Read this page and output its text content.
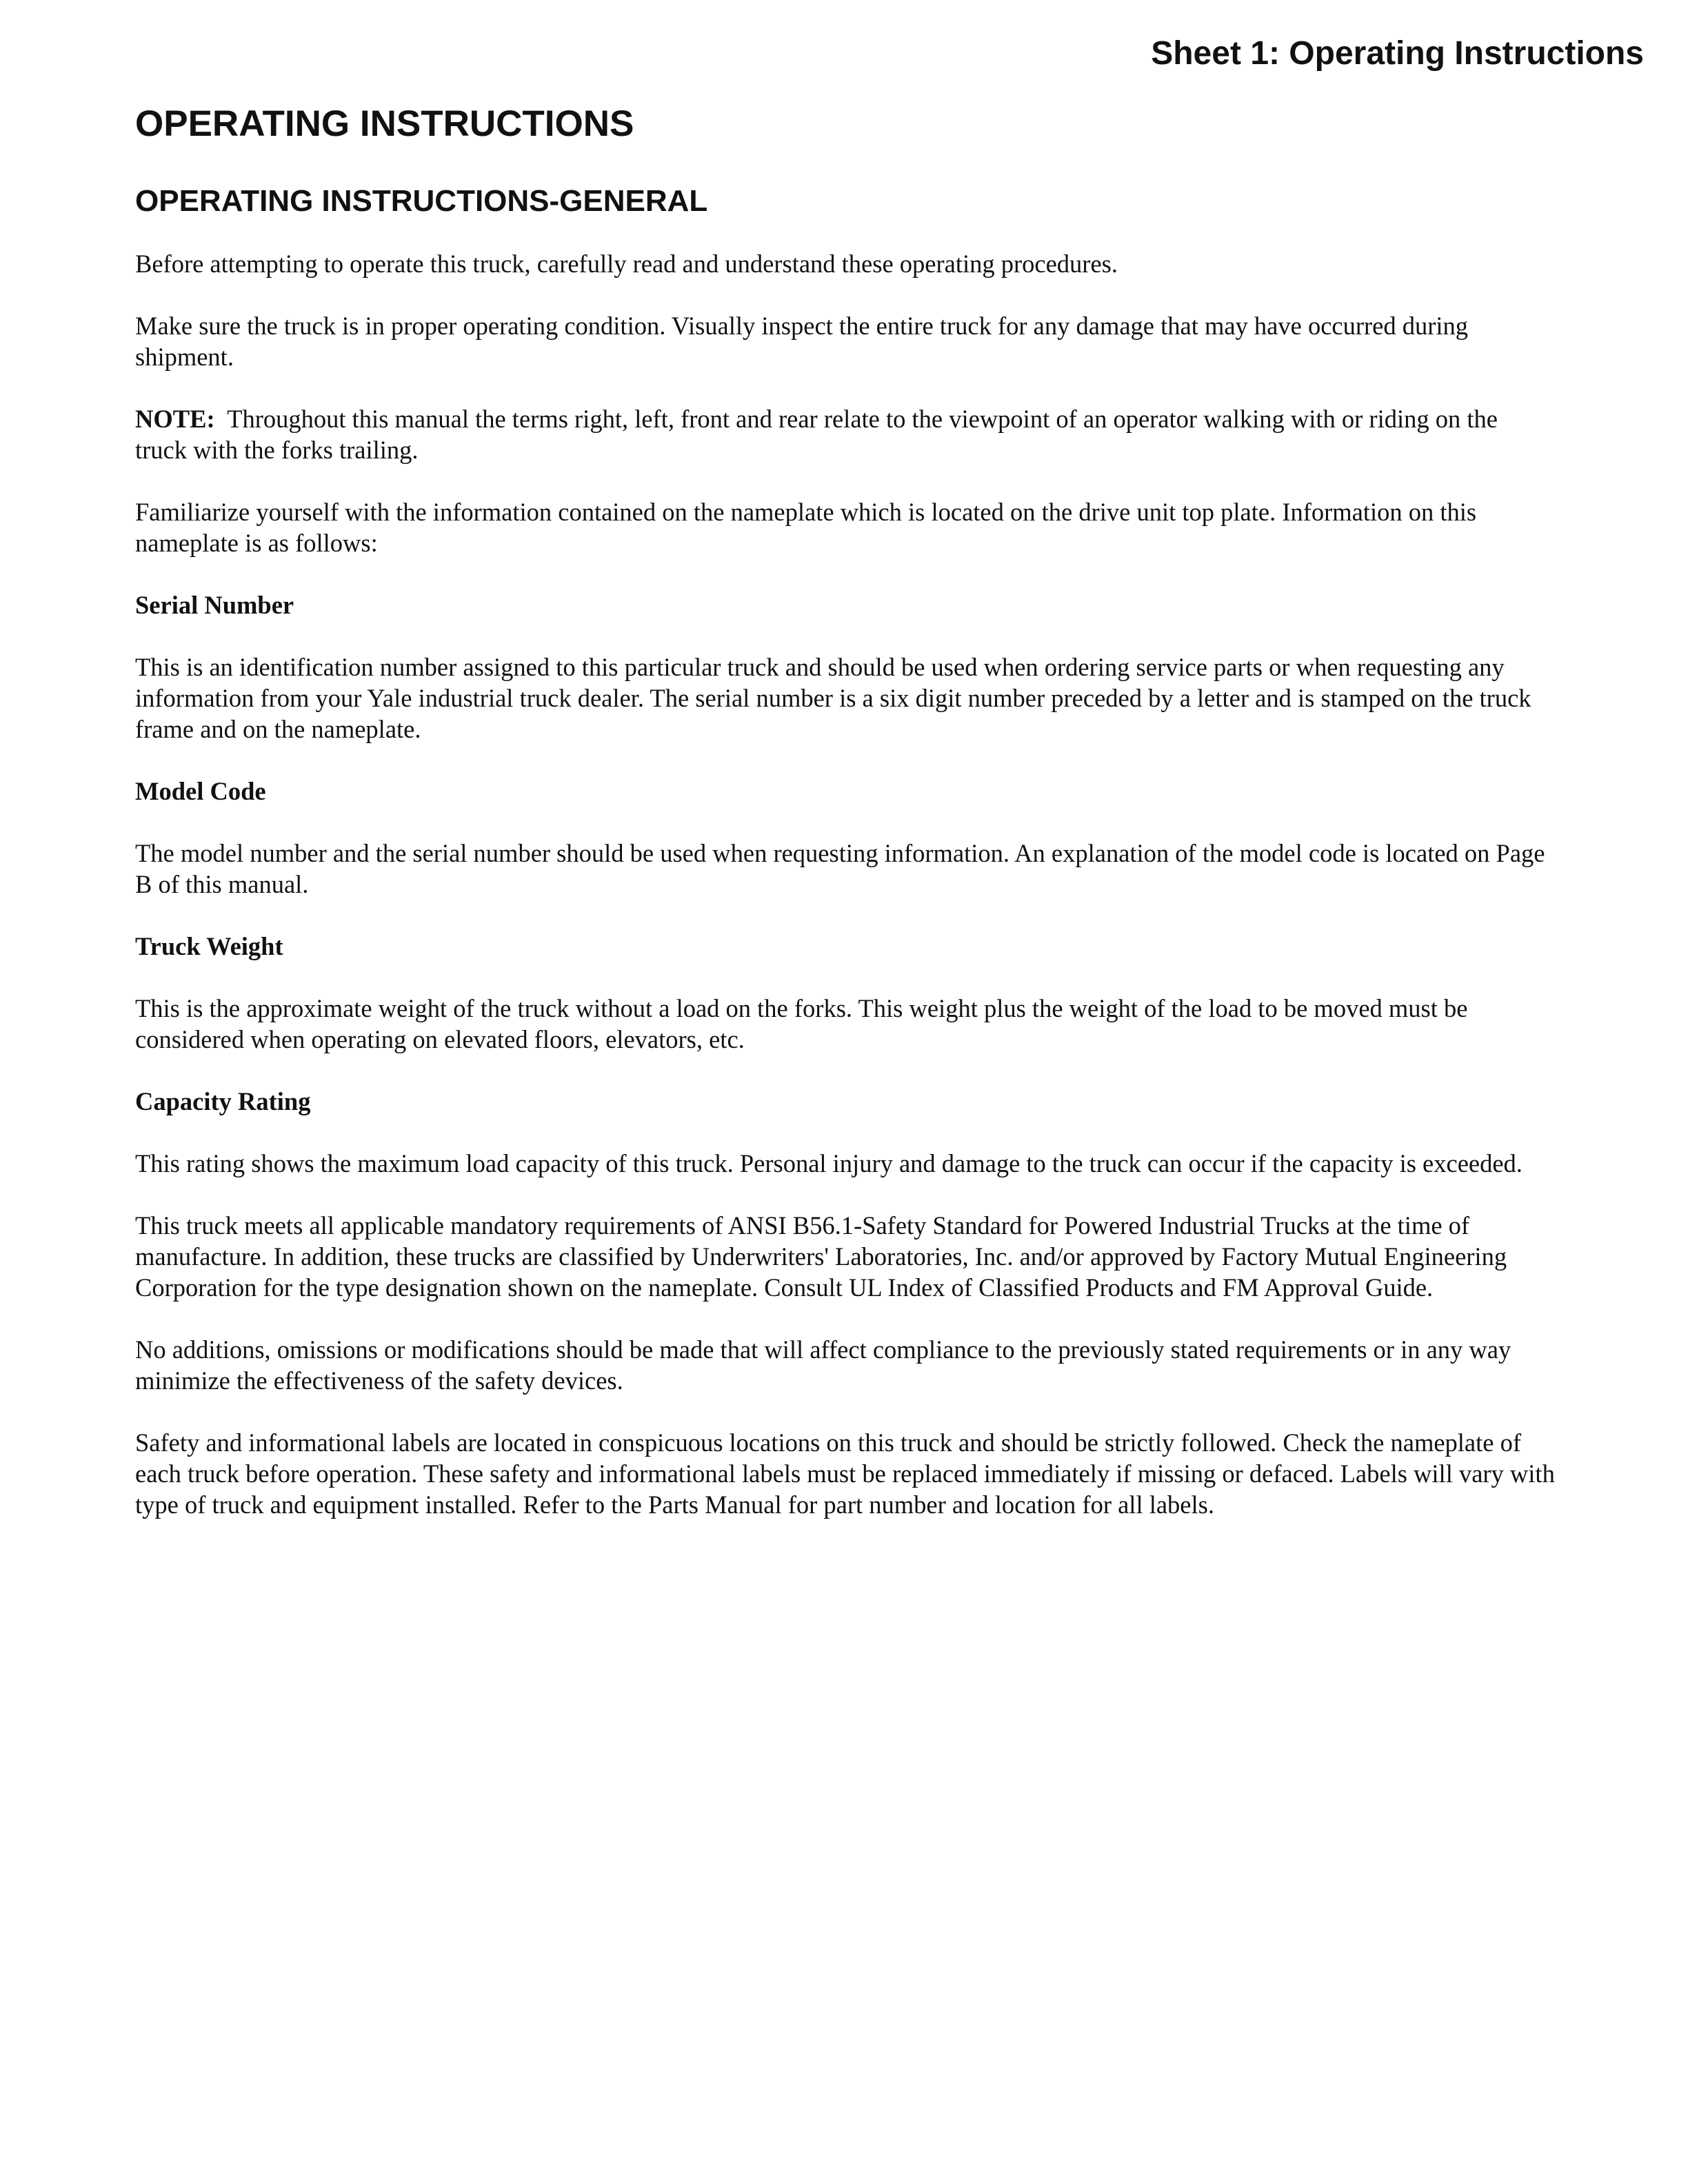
Sheet 1: Operating Instructions
OPERATING INSTRUCTIONS
OPERATING INSTRUCTIONS-GENERAL

Before attempting to operate this truck, carefully read and understand these operating procedures.

Make sure the truck is in proper operating condition. Visually inspect the entire truck for any damage that may have occurred during shipment.

NOTE: Throughout this manual the terms right, left, front and rear relate to the viewpoint of an operator walking with or riding on the truck with the forks trailing.

Familiarize yourself with the information contained on the nameplate which is located on the drive unit top plate. Information on this nameplate is as follows:

Serial Number

This is an identification number assigned to this particular truck and should be used when ordering service parts or when requesting any information from your Yale industrial truck dealer. The serial number is a six digit number preceded by a letter and is stamped on the truck frame and on the nameplate.

Model Code

The model number and the serial number should be used when requesting information. An explanation of the model code is located on Page B of this manual.

Truck Weight

This is the approximate weight of the truck without a load on the forks. This weight plus the weight of the load to be moved must be considered when operating on elevated floors, elevators, etc.

Capacity Rating

This rating shows the maximum load capacity of this truck. Personal injury and damage to the truck can occur if the capacity is exceeded.

This truck meets all applicable mandatory requirements of ANSI B56.1-Safety Standard for Powered Industrial Trucks at the time of manufacture. In addition, these trucks are classified by Underwriters' Laboratories, Inc. and/or approved by Factory Mutual Engineering Corporation for the type designation shown on the nameplate. Consult UL Index of Classified Products and FM Approval Guide.

No additions, omissions or modifications should be made that will affect compliance to the previously stated requirements or in any way minimize the effectiveness of the safety devices.

Safety and informational labels are located in conspicuous locations on this truck and should be strictly followed. Check the nameplate of each truck before operation. These safety and informational labels must be replaced immediately if missing or defaced. Labels will vary with type of truck and equipment installed. Refer to the Parts Manual for part number and location for all labels.
